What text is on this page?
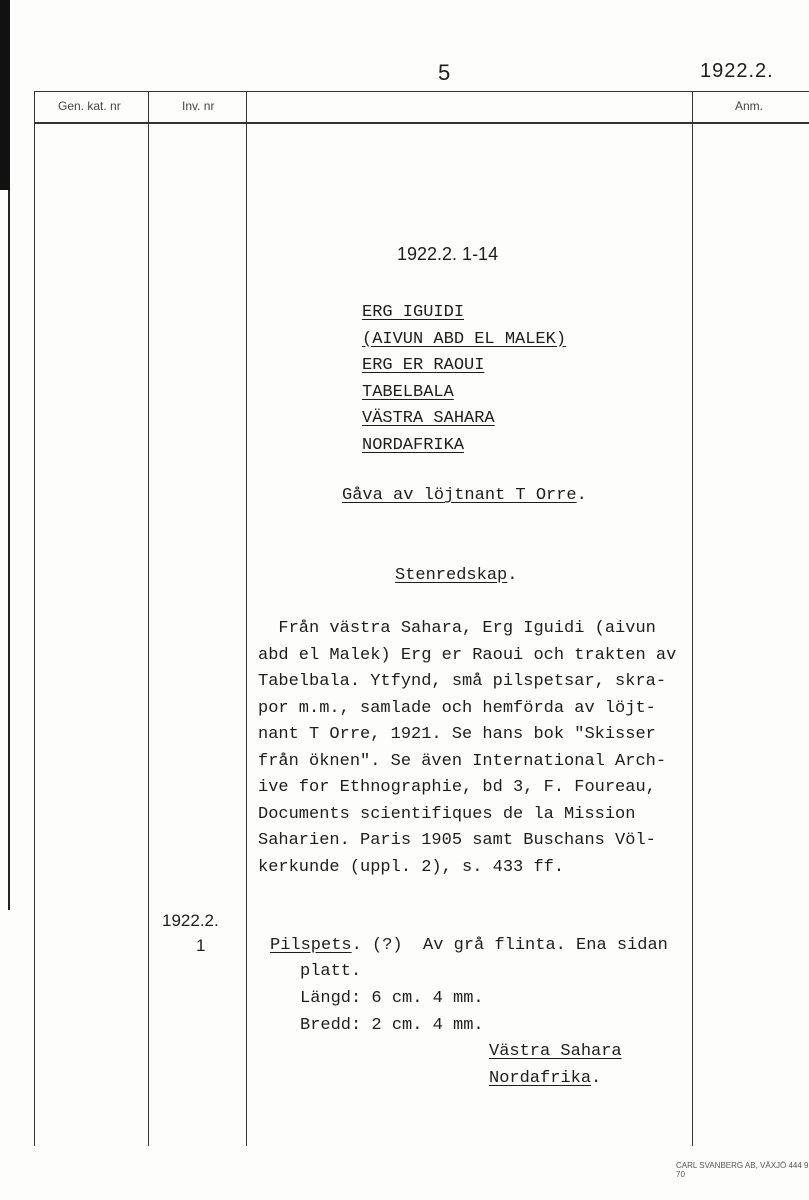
5	1922.2.
Gen. kat. nr	Inv. nr	Anm.
1922.2. 1-14
ERG IGUIDI
(AIVUN ABD EL MALEK)
ERG ER RAOUI
TABELBALA
VÄSTRA SAHARA
NORDAFRIKA
Gåva av löjtnant T Orre.
Stenredskap.
Från västra Sahara, Erg Iguidi (aivun
abd el Malek) Erg er Raoui och trakten av
Tabelbala. Ytfynd, små pilspetsar, skra-
por m.m., samlade och hemförda av löjt-
nant T Orre, 1921. Se hans bok "Skisser
från öknen". Se även International Arch-
ive for Ethnographie, bd 3, F. Foureau,
Documents scientifiques de la Mission
Saharien. Paris 1905 samt Buschans Völ-
kerkunde (uppl. 2), s. 433 ff.
1922.2.
1	Pilspets. (?)  Av grå flinta. Ena sidan
platt.
Längd: 6 cm. 4 mm.
Bredd: 2 cm. 4 mm.
Västra Sahara
Nordafrika.
CARL SVANBERG AB, VÄXJÖ 444 9 70
